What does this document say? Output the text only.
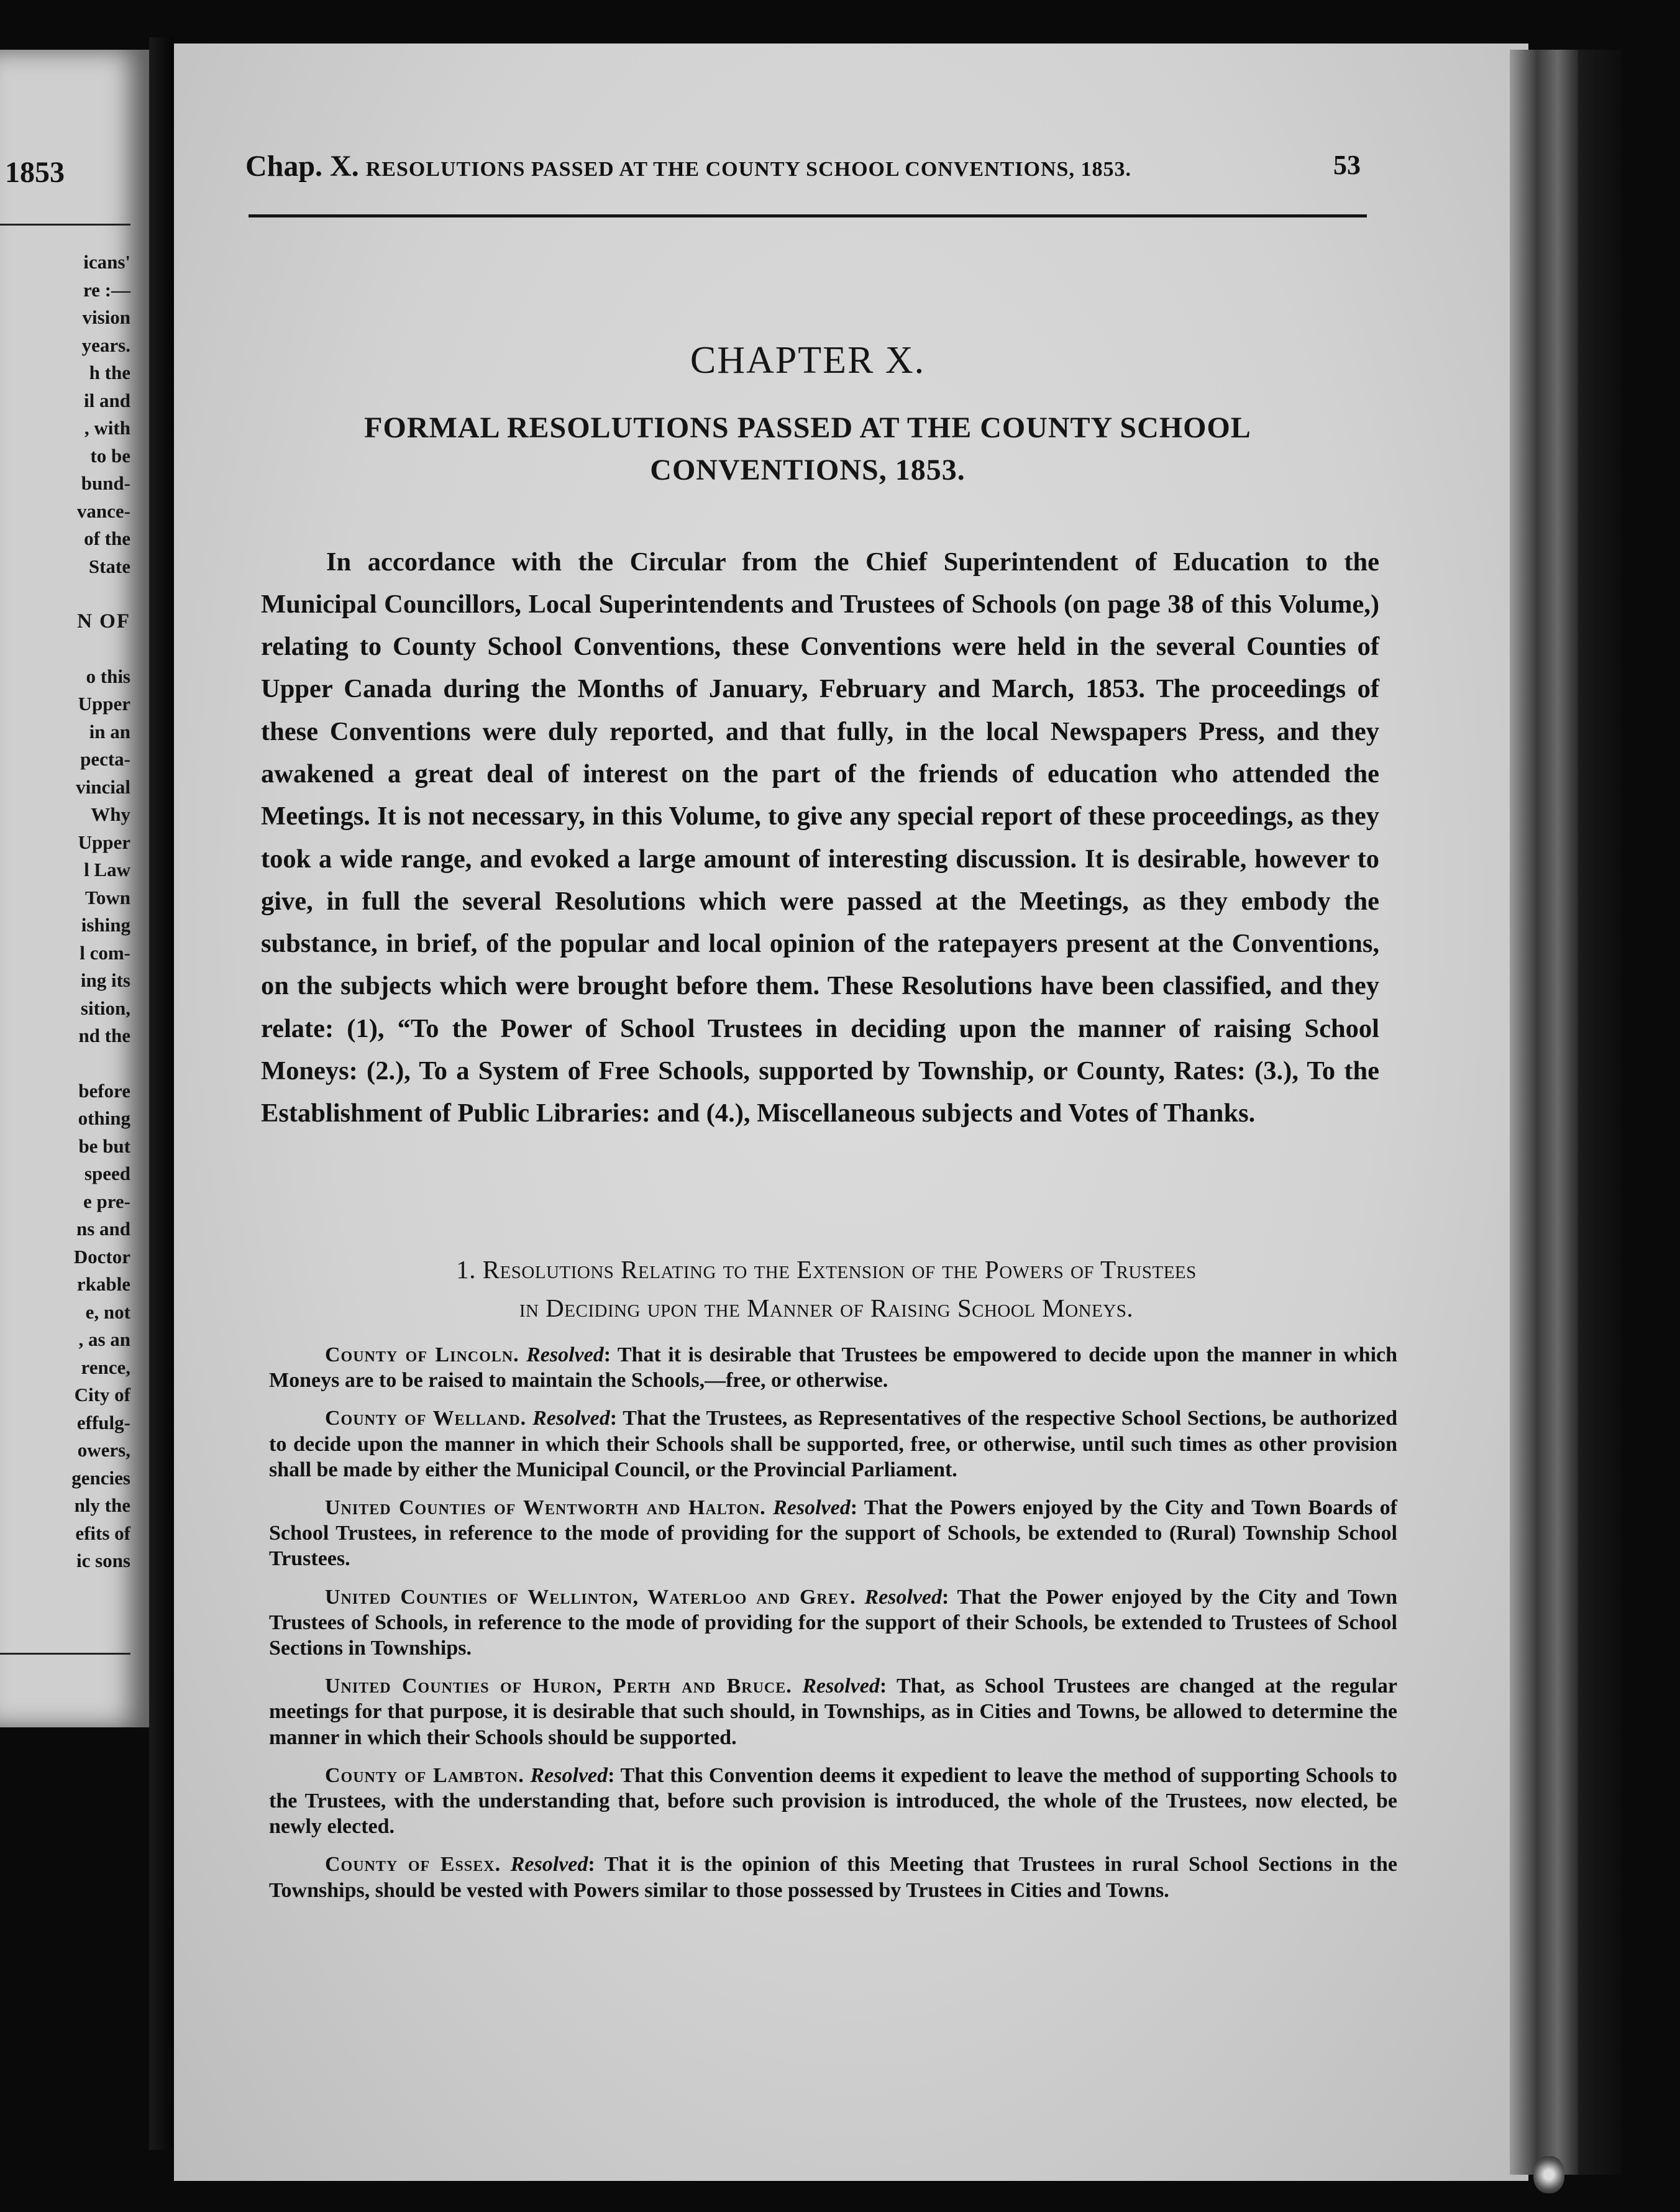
1853
icans'
re :—
vision
years.
h the
il and
, with
to be
bund-
vance-
of the
State
N OF
o this
Upper
in an
pecta-
vincial
Why
Upper
l Law
Town
ishing
l com-
ing its
sition,
nd the
before
othing
be but
speed
e pre-
ns and
Doctor
rkable
e, not
, as an
rence,
City of
effulg-
owers,
gencies
nly the
efits of
ic sons
Chap. X. RESOLUTIONS PASSED AT THE COUNTY SCHOOL CONVENTIONS, 1853.	53
CHAPTER X.
FORMAL RESOLUTIONS PASSED AT THE COUNTY SCHOOL
CONVENTIONS, 1853.

In accordance with the Circular from the Chief Superintendent of Education to the Municipal Councillors, Local Superintendents and Trustees of Schools (on page 38 of this Volume,) relating to County School Conventions, these Conventions were held in the several Counties of Upper Canada during the Months of January, February and March, 1853. The proceedings of these Conventions were duly reported, and that fully, in the local Newspapers Press, and they awakened a great deal of interest on the part of the friends of education who attended the Meetings. It is not necessary, in this Volume, to give any special report of these proceedings, as they took a wide range, and evoked a large amount of interesting discussion. It is desirable, however to give, in full the several Resolutions which were passed at the Meetings, as they embody the substance, in brief, of the popular and local opinion of the ratepayers present at the Conventions, on the subjects which were brought before them. These Resolutions have been classified, and they relate: (1), “To the Power of School Trustees in deciding upon the manner of raising School Moneys: (2.), To a System of Free Schools, supported by Township, or County, Rates: (3.), To the Establishment of Public Libraries: and (4.), Miscellaneous subjects and Votes of Thanks.

1. Resolutions Relating to the Extension of the Powers of Trustees
in Deciding upon the Manner of Raising School Moneys.

County of Lincoln. Resolved: That it is desirable that Trustees be empowered to decide upon the manner in which Moneys are to be raised to maintain the Schools,—free, or otherwise.

County of Welland. Resolved: That the Trustees, as Representatives of the respective School Sections, be authorized to decide upon the manner in which their Schools shall be supported, free, or otherwise, until such times as other provision shall be made by either the Municipal Council, or the Provincial Parliament.

United Counties of Wentworth and Halton. Resolved: That the Powers enjoyed by the City and Town Boards of School Trustees, in reference to the mode of providing for the support of Schools, be extended to (Rural) Township School Trustees.

United Counties of Wellinton, Waterloo and Grey. Resolved: That the Power enjoyed by the City and Town Trustees of Schools, in reference to the mode of providing for the support of their Schools, be extended to Trustees of School Sections in Townships.

United Counties of Huron, Perth and Bruce. Resolved: That, as School Trustees are changed at the regular meetings for that purpose, it is desirable that such should, in Townships, as in Cities and Towns, be allowed to determine the manner in which their Schools should be supported.

County of Lambton. Resolved: That this Convention deems it expedient to leave the method of supporting Schools to the Trustees, with the understanding that, before such provision is introduced, the whole of the Trustees, now elected, be newly elected.

County of Essex. Resolved: That it is the opinion of this Meeting that Trustees in rural School Sections in the Townships, should be vested with Powers similar to those possessed by Trustees in Cities and Towns.
